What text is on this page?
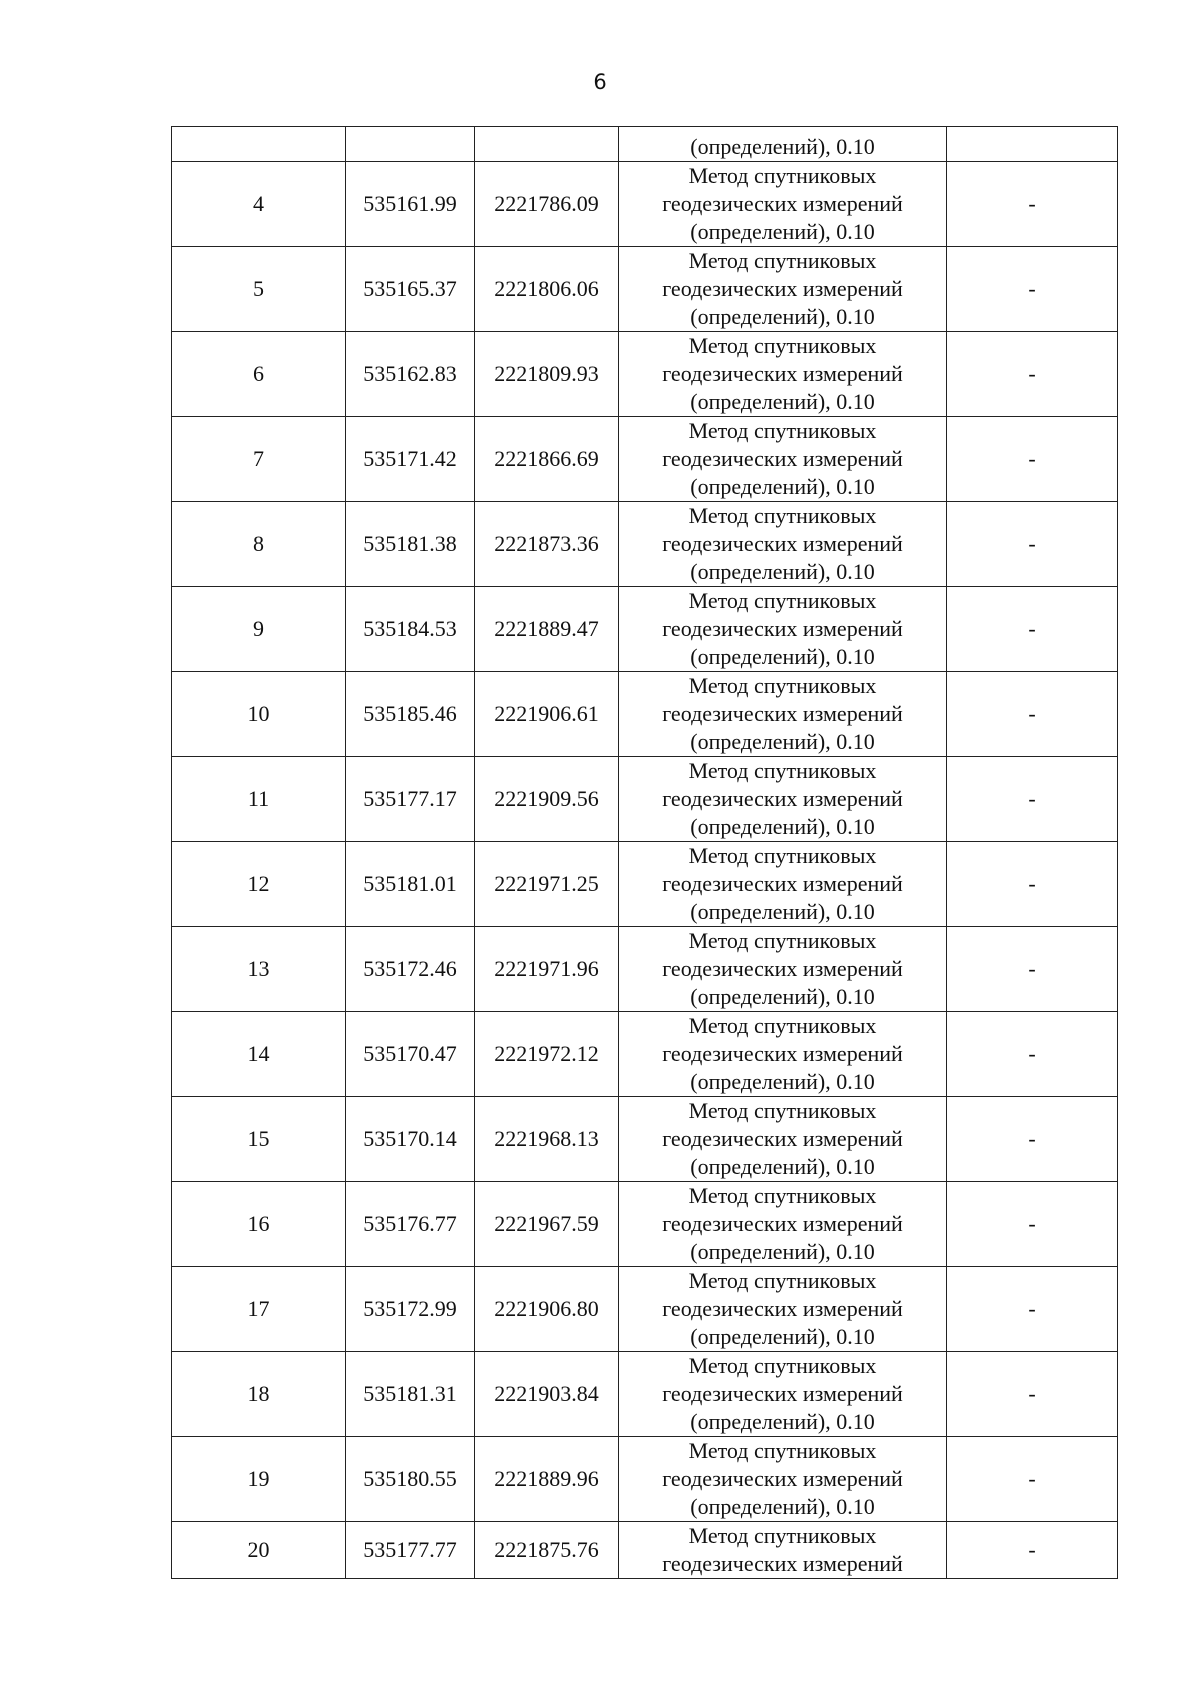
6
			(определений), 0.10	
4	535161.99	2221786.09	Метод спутниковых
геодезических измерений
(определений), 0.10	-
5	535165.37	2221806.06	Метод спутниковых
геодезических измерений
(определений), 0.10	-
6	535162.83	2221809.93	Метод спутниковых
геодезических измерений
(определений), 0.10	-
7	535171.42	2221866.69	Метод спутниковых
геодезических измерений
(определений), 0.10	-
8	535181.38	2221873.36	Метод спутниковых
геодезических измерений
(определений), 0.10	-
9	535184.53	2221889.47	Метод спутниковых
геодезических измерений
(определений), 0.10	-
10	535185.46	2221906.61	Метод спутниковых
геодезических измерений
(определений), 0.10	-
11	535177.17	2221909.56	Метод спутниковых
геодезических измерений
(определений), 0.10	-
12	535181.01	2221971.25	Метод спутниковых
геодезических измерений
(определений), 0.10	-
13	535172.46	2221971.96	Метод спутниковых
геодезических измерений
(определений), 0.10	-
14	535170.47	2221972.12	Метод спутниковых
геодезических измерений
(определений), 0.10	-
15	535170.14	2221968.13	Метод спутниковых
геодезических измерений
(определений), 0.10	-
16	535176.77	2221967.59	Метод спутниковых
геодезических измерений
(определений), 0.10	-
17	535172.99	2221906.80	Метод спутниковых
геодезических измерений
(определений), 0.10	-
18	535181.31	2221903.84	Метод спутниковых
геодезических измерений
(определений), 0.10	-
19	535180.55	2221889.96	Метод спутниковых
геодезических измерений
(определений), 0.10	-
20	535177.77	2221875.76	Метод спутниковых
геодезических измерений	-
